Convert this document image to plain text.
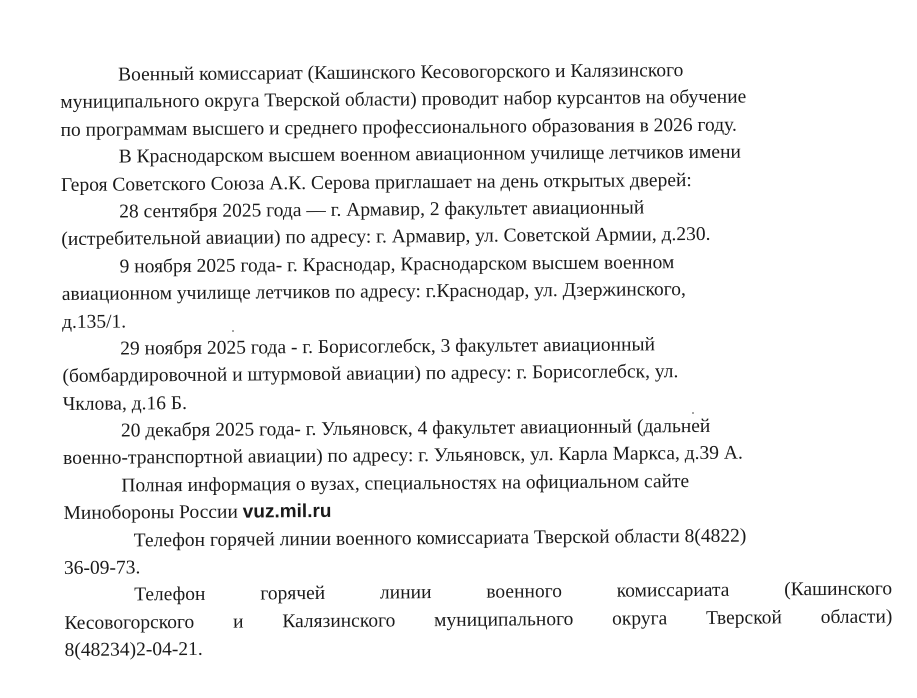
Военный комиссариат (Кашинского Кесовогорского и Калязинского
муниципального округа Тверской области) проводит набор курсантов на обучение
по программам высшего и среднего профессионального образования в 2026 году.
В Краснодарском высшем военном авиационном училище летчиков имени
Героя Советского Союза А.К. Серова приглашает на день открытых дверей:
28 сентября 2025 года — г. Армавир, 2 факультет авиационный
(истребительной авиации) по адресу: г. Армавир, ул. Советской Армии, д.230.
9 ноября 2025 года- г. Краснодар, Краснодарском высшем военном
авиационном училище летчиков по адресу: г.Краснодар, ул. Дзержинского,
д.135/1.
29 ноября 2025 года - г. Борисоглебск, 3 факультет авиационный
(бомбардировочной и штурмовой авиации) по адресу: г. Борисоглебск, ул.
Чклова, д.16 Б.
20 декабря 2025 года- г. Ульяновск, 4 факультет авиационный (дальней
военно-транспортной авиации) по адресу: г. Ульяновск, ул. Карла Маркса, д.39 А.
Полная информация о вузах, специальностях на официальном сайте
Минобороны России vuz.mil.ru
Телефон горячей линии военного комиссариата Тверской области 8(4822)
36-09-73.
Телефон	горячей	линии	военного	комиссариата	(Кашинского
Кесовогорского и Калязинского муниципального округа Тверской области)
8(48234)2-04-21.
